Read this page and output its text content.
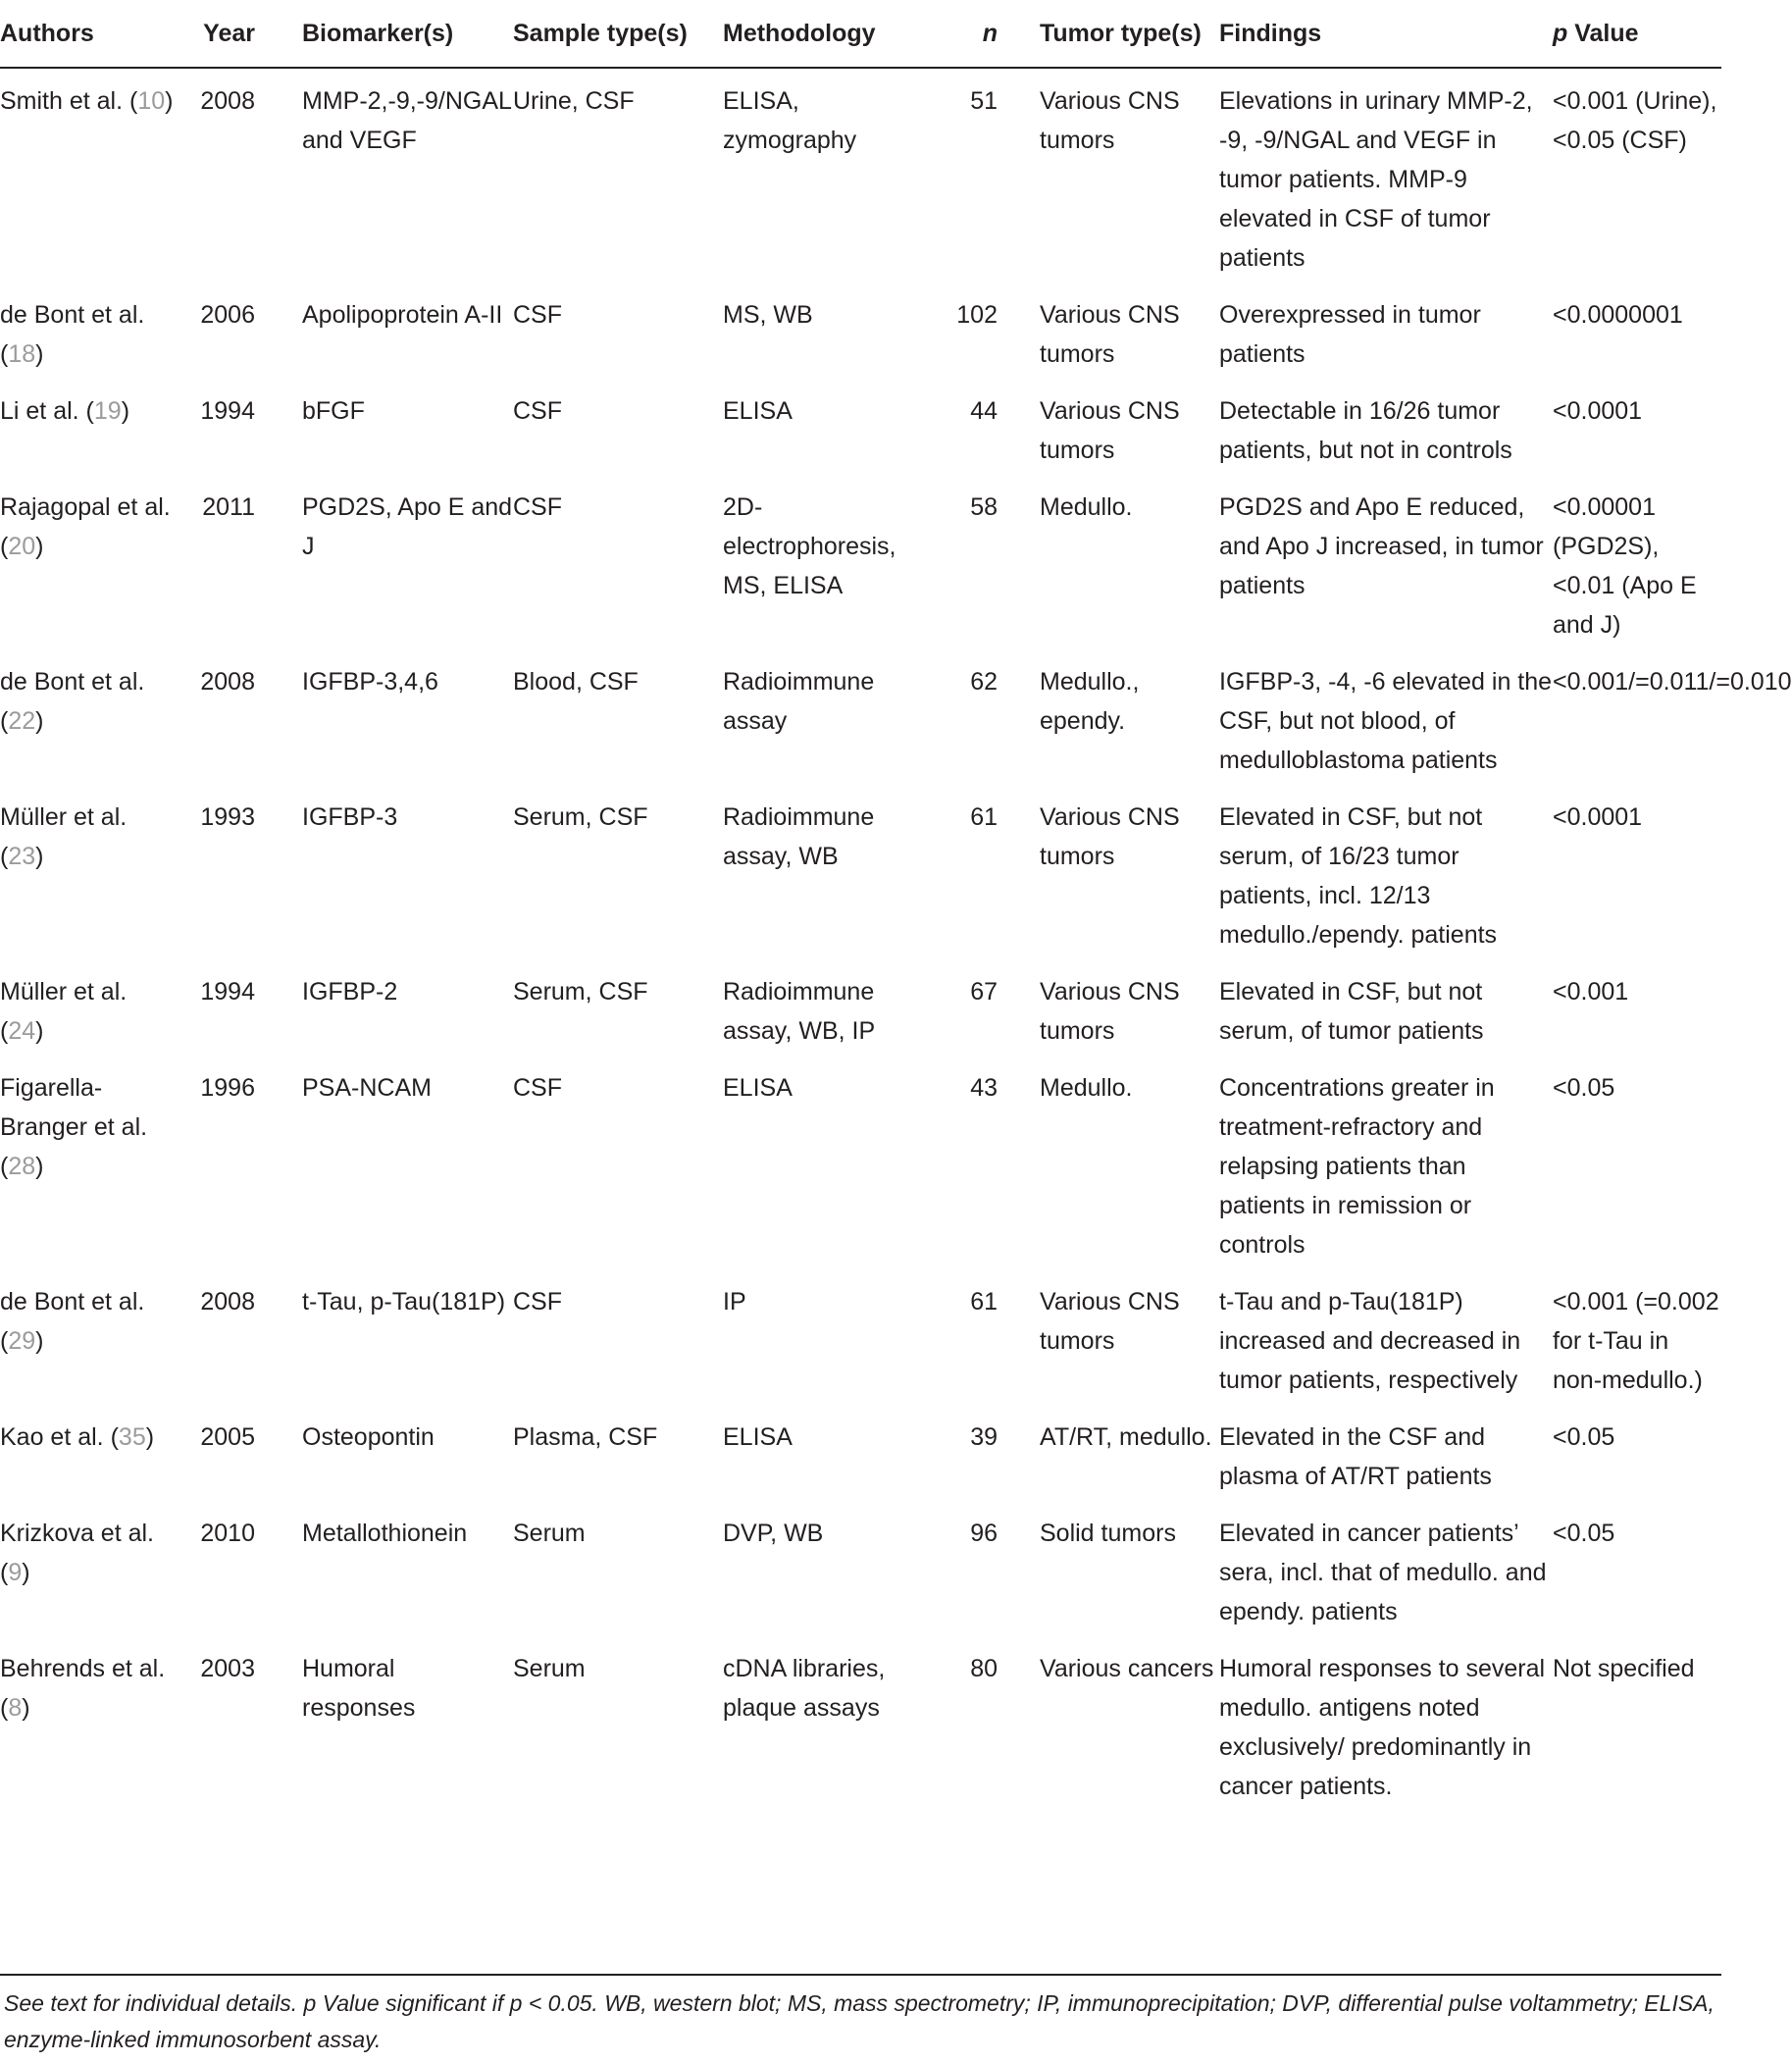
Authors	Year		Biomarker(s)	Sample type(s)	Methodology	n		Tumor type(s)	Findings	p Value
Smith et al. (10)	2008		MMP-2,-9,-9/NGAL and VEGF	Urine, CSF	ELISA, zymography	51		Various CNS tumors	Elevations in urinary MMP-2, -9, -9/NGAL and VEGF in tumor patients. MMP-9 elevated in CSF of tumor patients	<0.001 (Urine), <0.05 (CSF)
de Bont et al. (18)	2006		Apolipoprotein A-II	CSF	MS, WB	102		Various CNS tumors	Overexpressed in tumor patients	<0.0000001
Li et al. (19)	1994		bFGF	CSF	ELISA	44		Various CNS tumors	Detectable in 16/26 tumor patients, but not in controls	<0.0001
Rajagopal et al. (20)	2011		PGD2S, Apo E and J	CSF	2D-electrophoresis, MS, ELISA	58		Medullo.	PGD2S and Apo E reduced, and Apo J increased, in tumor patients	<0.00001 (PGD2S), <0.01 (Apo E and J)
de Bont et al. (22)	2008		IGFBP-3,4,6	Blood, CSF	Radioimmune assay	62		Medullo., ependy.	IGFBP-3, -4, -6 elevated in the CSF, but not blood, of medulloblastoma patients	<0.001/=0.011/=0.010
Müller et al. (23)	1993		IGFBP-3	Serum, CSF	Radioimmune assay, WB	61		Various CNS tumors	Elevated in CSF, but not serum, of 16/23 tumor patients, incl. 12/13 medullo./ependy. patients	<0.0001
Müller et al. (24)	1994		IGFBP-2	Serum, CSF	Radioimmune assay, WB, IP	67		Various CNS tumors	Elevated in CSF, but not serum, of tumor patients	<0.001
Figarella-Branger et al. (28)	1996		PSA-NCAM	CSF	ELISA	43		Medullo.	Concentrations greater in treatment-refractory and relapsing patients than patients in remission or controls	<0.05
de Bont et al. (29)	2008		t-Tau, p-Tau(181P)	CSF	IP	61		Various CNS tumors	t-Tau and p-Tau(181P) increased and decreased in tumor patients, respectively	<0.001 (=0.002 for t-Tau in non-medullo.)
Kao et al. (35)	2005		Osteopontin	Plasma, CSF	ELISA	39		AT/RT, medullo.	Elevated in the CSF and plasma of AT/RT patients	<0.05
Krizkova et al. (9)	2010		Metallothionein	Serum	DVP, WB	96		Solid tumors	Elevated in cancer patients’ sera, incl. that of medullo. and ependy. patients	<0.05
Behrends et al. (8)	2003		Humoral responses	Serum	cDNA libraries, plaque assays	80		Various cancers	Humoral responses to several medullo. antigens noted exclusively/ predominantly in cancer patients.	Not specified
See text for individual details. p Value significant if p < 0.05. WB, western blot; MS, mass spectrometry; IP, immunoprecipitation; DVP, differential pulse voltammetry; ELISA, enzyme-linked immunosorbent assay.
